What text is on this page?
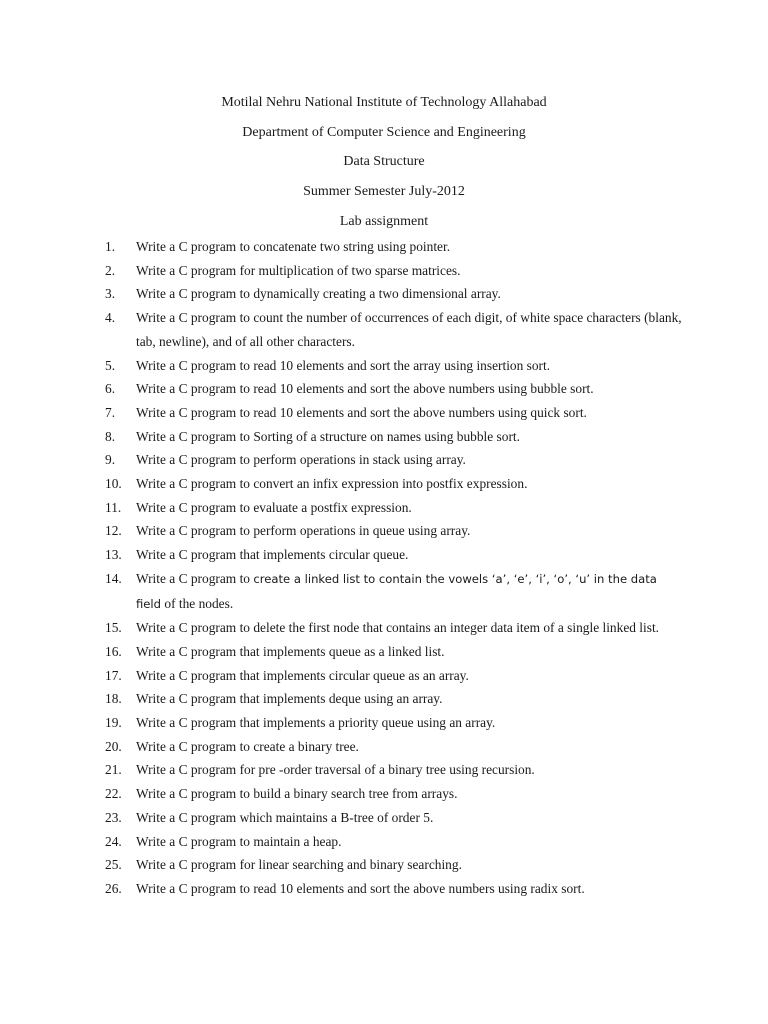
Motilal Nehru National Institute of Technology Allahabad
Department of Computer Science and Engineering
Data Structure
Summer Semester July-2012
Lab assignment
1.	Write a C program to concatenate two string using pointer.
2.	Write a C program for multiplication of two sparse matrices.
3.	Write a C program to dynamically creating a two dimensional array.
4.	Write a C program to count the number of occurrences of each digit, of white space characters (blank, tab, newline), and of all other characters.
5.	Write a C program to read 10 elements and sort the array using insertion sort.
6.	Write a C program to read 10 elements and sort the above numbers using bubble sort.
7.	Write a C program to read 10 elements and sort the above numbers using quick sort.
8.	Write a C program to Sorting of a structure on names using bubble sort.
9.	Write a C program to perform operations in stack using array.
10.	Write a C program to convert an infix expression into postfix expression.
11.	Write a C program to evaluate a postfix expression.
12.	Write a C program to perform operations in queue using array.
13.	Write a C program that implements circular queue.
14.	Write a C program to create a linked list to contain the vowels ‘a’, ‘e’, ‘i’, ‘o’, ‘u’ in the data field of the nodes.
15.	Write a C program to delete the first node that contains an integer data item of a single linked list.
16.	Write a C program that implements queue as a linked list.
17.	Write a C program that implements circular queue as an array.
18.	Write a C program that implements deque using an array.
19.	Write a C program that implements a priority queue using an array.
20.	Write a C program to create a binary tree.
21.	Write a C program for pre -order traversal of a binary tree using recursion.
22.	Write a C program to build a binary search tree from arrays.
23.	Write a C program which maintains a B-tree of order 5.
24.	Write a C program to maintain a heap.
25.	Write a C program for linear searching and binary searching.
26.	Write a C program to read 10 elements and sort the above numbers using radix sort.
